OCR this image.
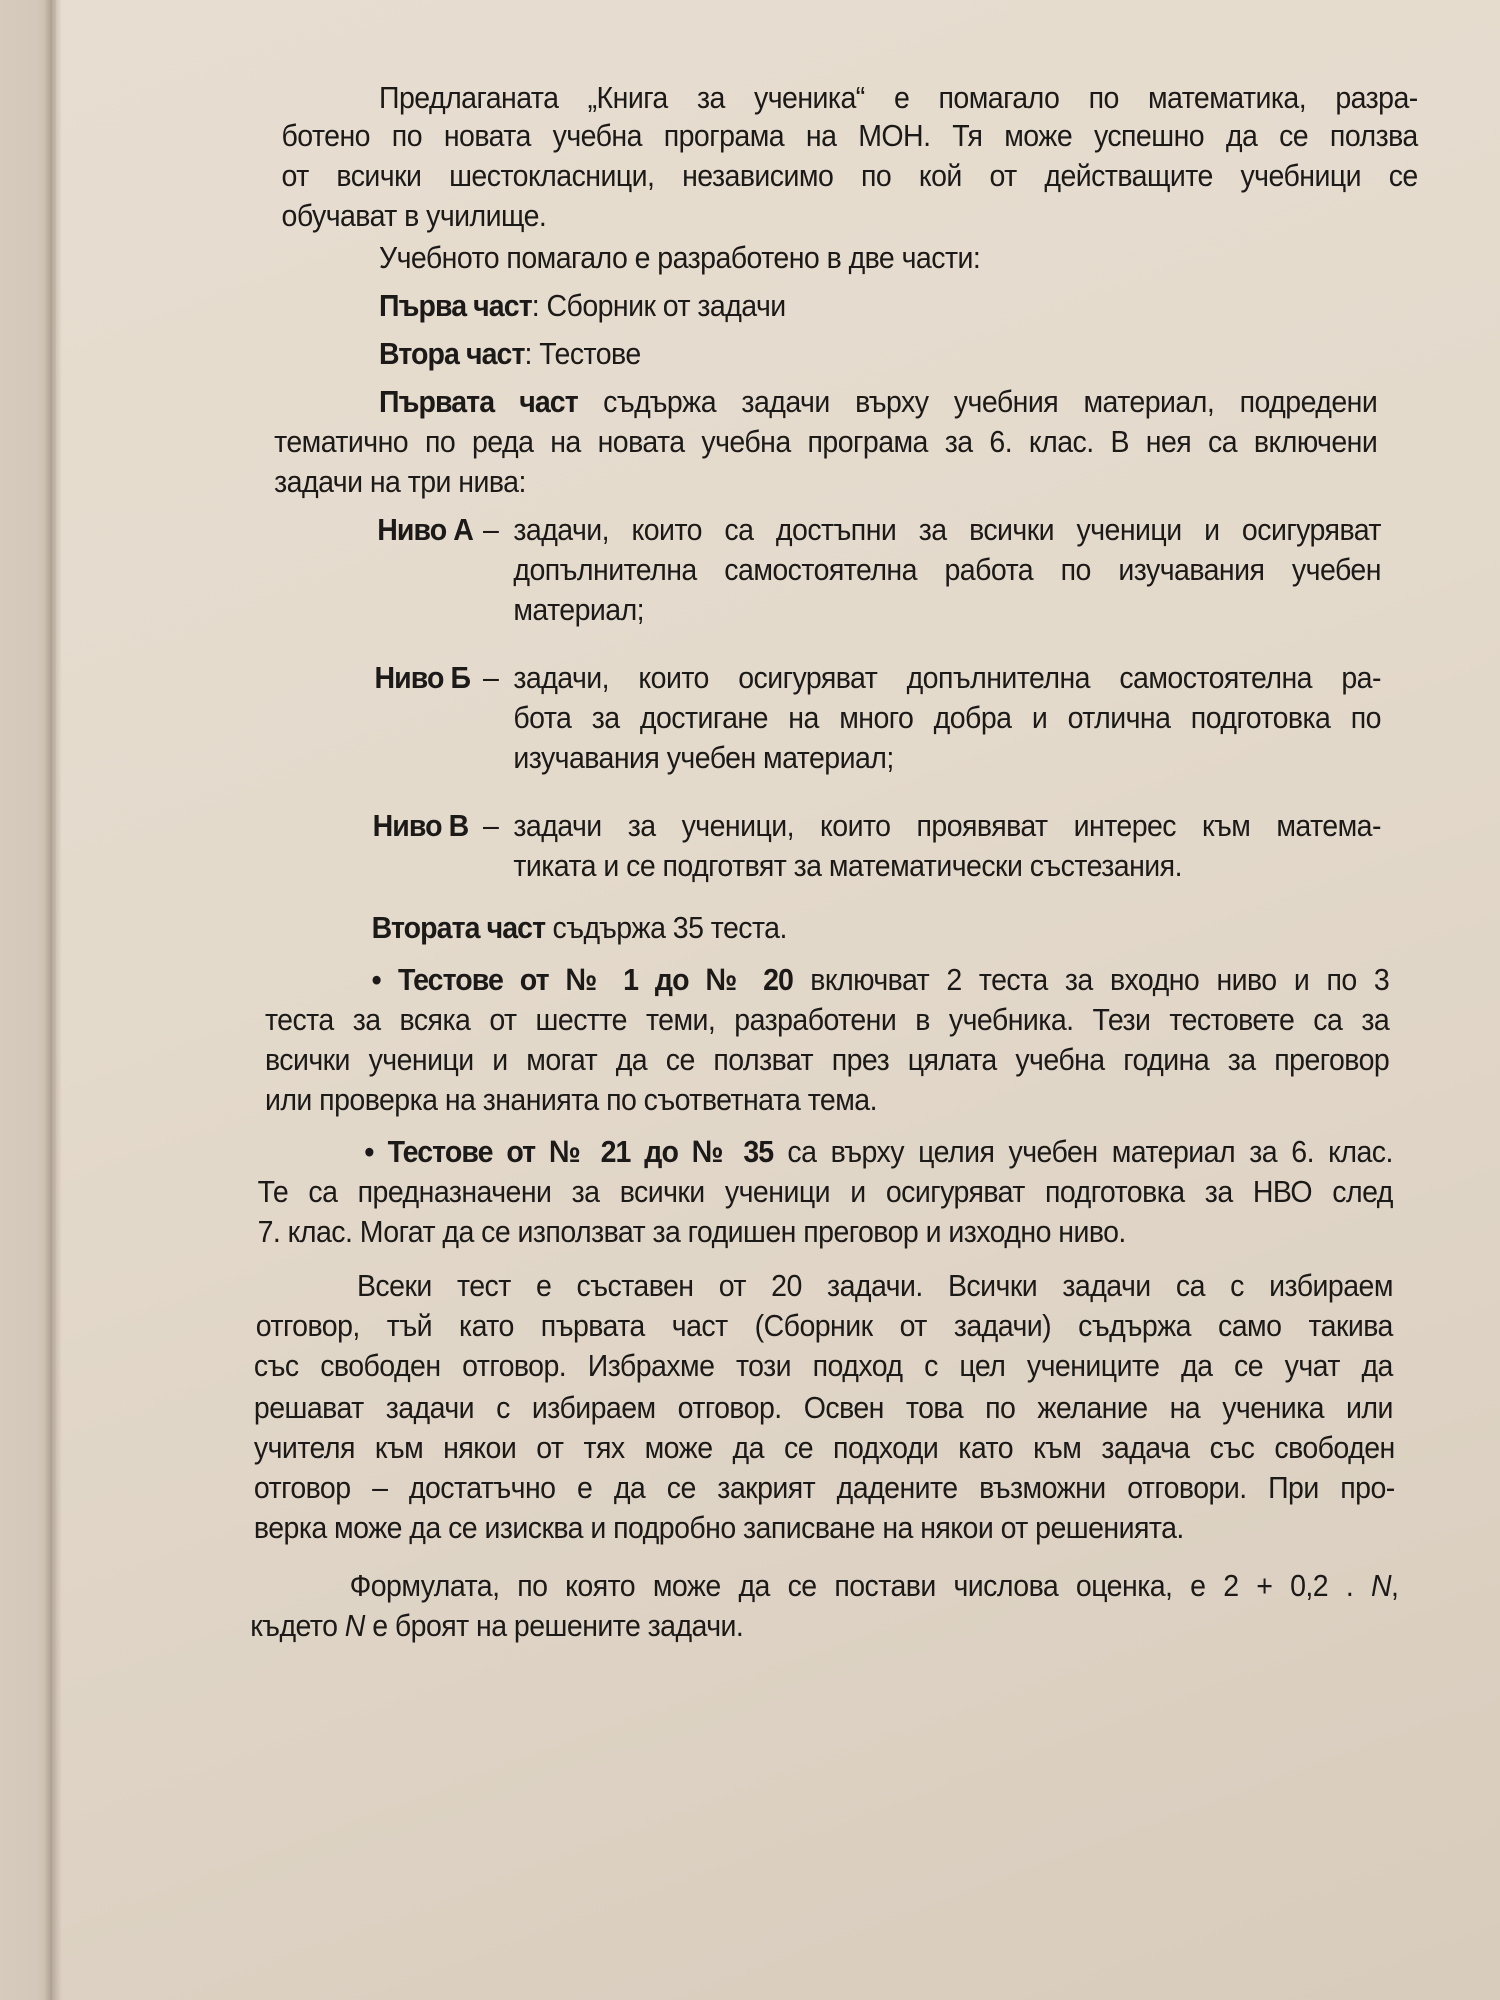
Предлаганата „Книга за ученика“ е помагало по математика, разра-
ботено по новата учебна програма на МОН. Тя може успешно да се ползва
от всички шестокласници, независимо по кой от действащите учебници се
обучават в училище.
Учебното помагало е разработено в две части:
Първа част: Сборник от задачи
Втора част: Тестове
Първата част съдържа задачи върху учебния материал, подредени
тематично по реда на новата учебна програма за 6. клас. В нея са включени
задачи на три нива:
Ниво А – задачи, които са достъпни за всички ученици и осигуряват
допълнителна самостоятелна работа по изучавания учебен
материал;
Ниво Б – задачи, които осигуряват допълнителна самостоятелна ра-
бота за достигане на много добра и отлична подготовка по
изучавания учебен материал;
Ниво В – задачи за ученици, които проявяват интерес към матема-
тиката и се подготвят за математически състезания.
Втората част съдържа 35 теста.
• Тестове от № 1 до № 20 включват 2 теста за входно ниво и по 3
теста за всяка от шестте теми, разработени в учебника. Тези тестовете са за
всички ученици и могат да се ползват през цялата учебна година за преговор
или проверка на знанията по съответната тема.
• Тестове от № 21 до № 35 са върху целия учебен материал за 6. клас.
Те са предназначени за всички ученици и осигуряват подготовка за НВО след
7. клас. Могат да се използват за годишен преговор и изходно ниво.
Всеки тест е съставен от 20 задачи. Всички задачи са с избираем
отговор, тъй като първата част (Сборник от задачи) съдържа само такива
със свободен отговор. Избрахме този подход с цел учениците да се учат да
решават задачи с избираем отговор. Освен това по желание на ученика или
учителя към някои от тях може да се подходи като към задача със свободен
отговор – достатъчно е да се закрият дадените възможни отговори. При про-
верка може да се изисква и подробно записване на някои от решенията.
Формулата, по която може да се постави числова оценка, е 2 + 0,2 . N,
където N е броят на решените задачи.
